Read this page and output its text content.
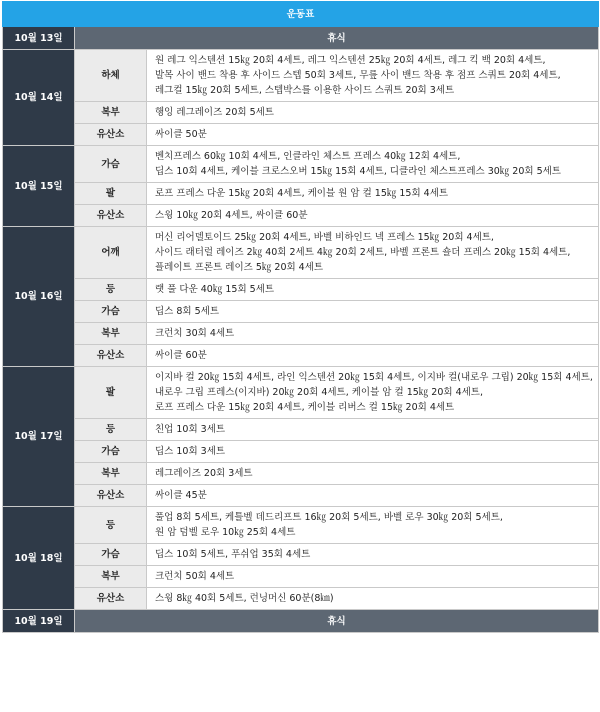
운동표		
10월 13일	휴식	
10월 14일	하체	원 레그 익스텐션 15㎏ 20회 4세트, 레그 익스텐션 25㎏ 20회 4세트, 레그 킥 백 20회 4세트,
발목 사이 밴드 착용 후 사이드 스텝 50회 3세트, 무릎 사이 밴드 착용 후 점프 스쿼트 20회 4세트,
레그컬 15㎏ 20회 5세트, 스텝박스를 이용한 사이드 스쿼트 20회 3세트

	복부	행잉 레그레이즈 20회 5세트

	유산소	싸이클 50분

10월 15일	가슴	벤치프레스 60㎏ 10회 4세트, 인클라인 체스트 프레스 40㎏ 12회 4세트,
딥스 10회 4세트, 케이블 크로스오버 15㎏ 15회 4세트, 디클라인 체스트프레스 30㎏ 20회 5세트

	팔	로프 프레스 다운 15㎏ 20회 4세트, 케이블 원 암 컬 15㎏ 15회 4세트

	유산소	스윙 10㎏ 20회 4세트, 싸이클 60분

10월 16일	어깨	머신 리어델토이드 25㎏ 20회 4세트, 바벨 비하인드 넥 프레스 15㎏ 20회 4세트,
사이드 래터럴 레이즈 2㎏ 40회 2세트 4㎏ 20회 2세트, 바벨 프론트 숄더 프레스 20㎏ 15회 4세트,
플레이트 프론트 레이즈 5㎏ 20회 4세트

	등	랫 풀 다운 40㎏ 15회 5세트

	가슴	딥스 8회 5세트

	복부	크런치 30회 4세트

	유산소	싸이클 60분

10월 17일	팔	이지바 컬 20㎏ 15회 4세트, 라인 익스텐션 20㎏ 15회 4세트, 이지바 컬(내로우 그립) 20㎏ 15회 4세트,
내로우 그립 프레스(이지바) 20㎏ 20회 4세트, 케이블 암 컬 15㎏ 20회 4세트,
로프 프레스 다운 15㎏ 20회 4세트, 케이블 리버스 컬 15㎏ 20회 4세트

	등	친업 10회 3세트

	가슴	딥스 10회 3세트

	복부	레그레이즈 20회 3세트

	유산소	싸이클 45분

10월 18일	등	풀업 8회 5세트, 케틀벨 데드리프트 16㎏ 20회 5세트, 바벨 로우 30㎏ 20회 5세트,
원 암 덤벨 로우 10㎏ 25회 4세트

	가슴	딥스 10회 5세트, 푸쉬업 35회 4세트

	복부	크런치 50회 4세트

	유산소	스윙 8㎏ 40회 5세트, 런닝머신 60분(8㎞)

10월 19일	휴식	
